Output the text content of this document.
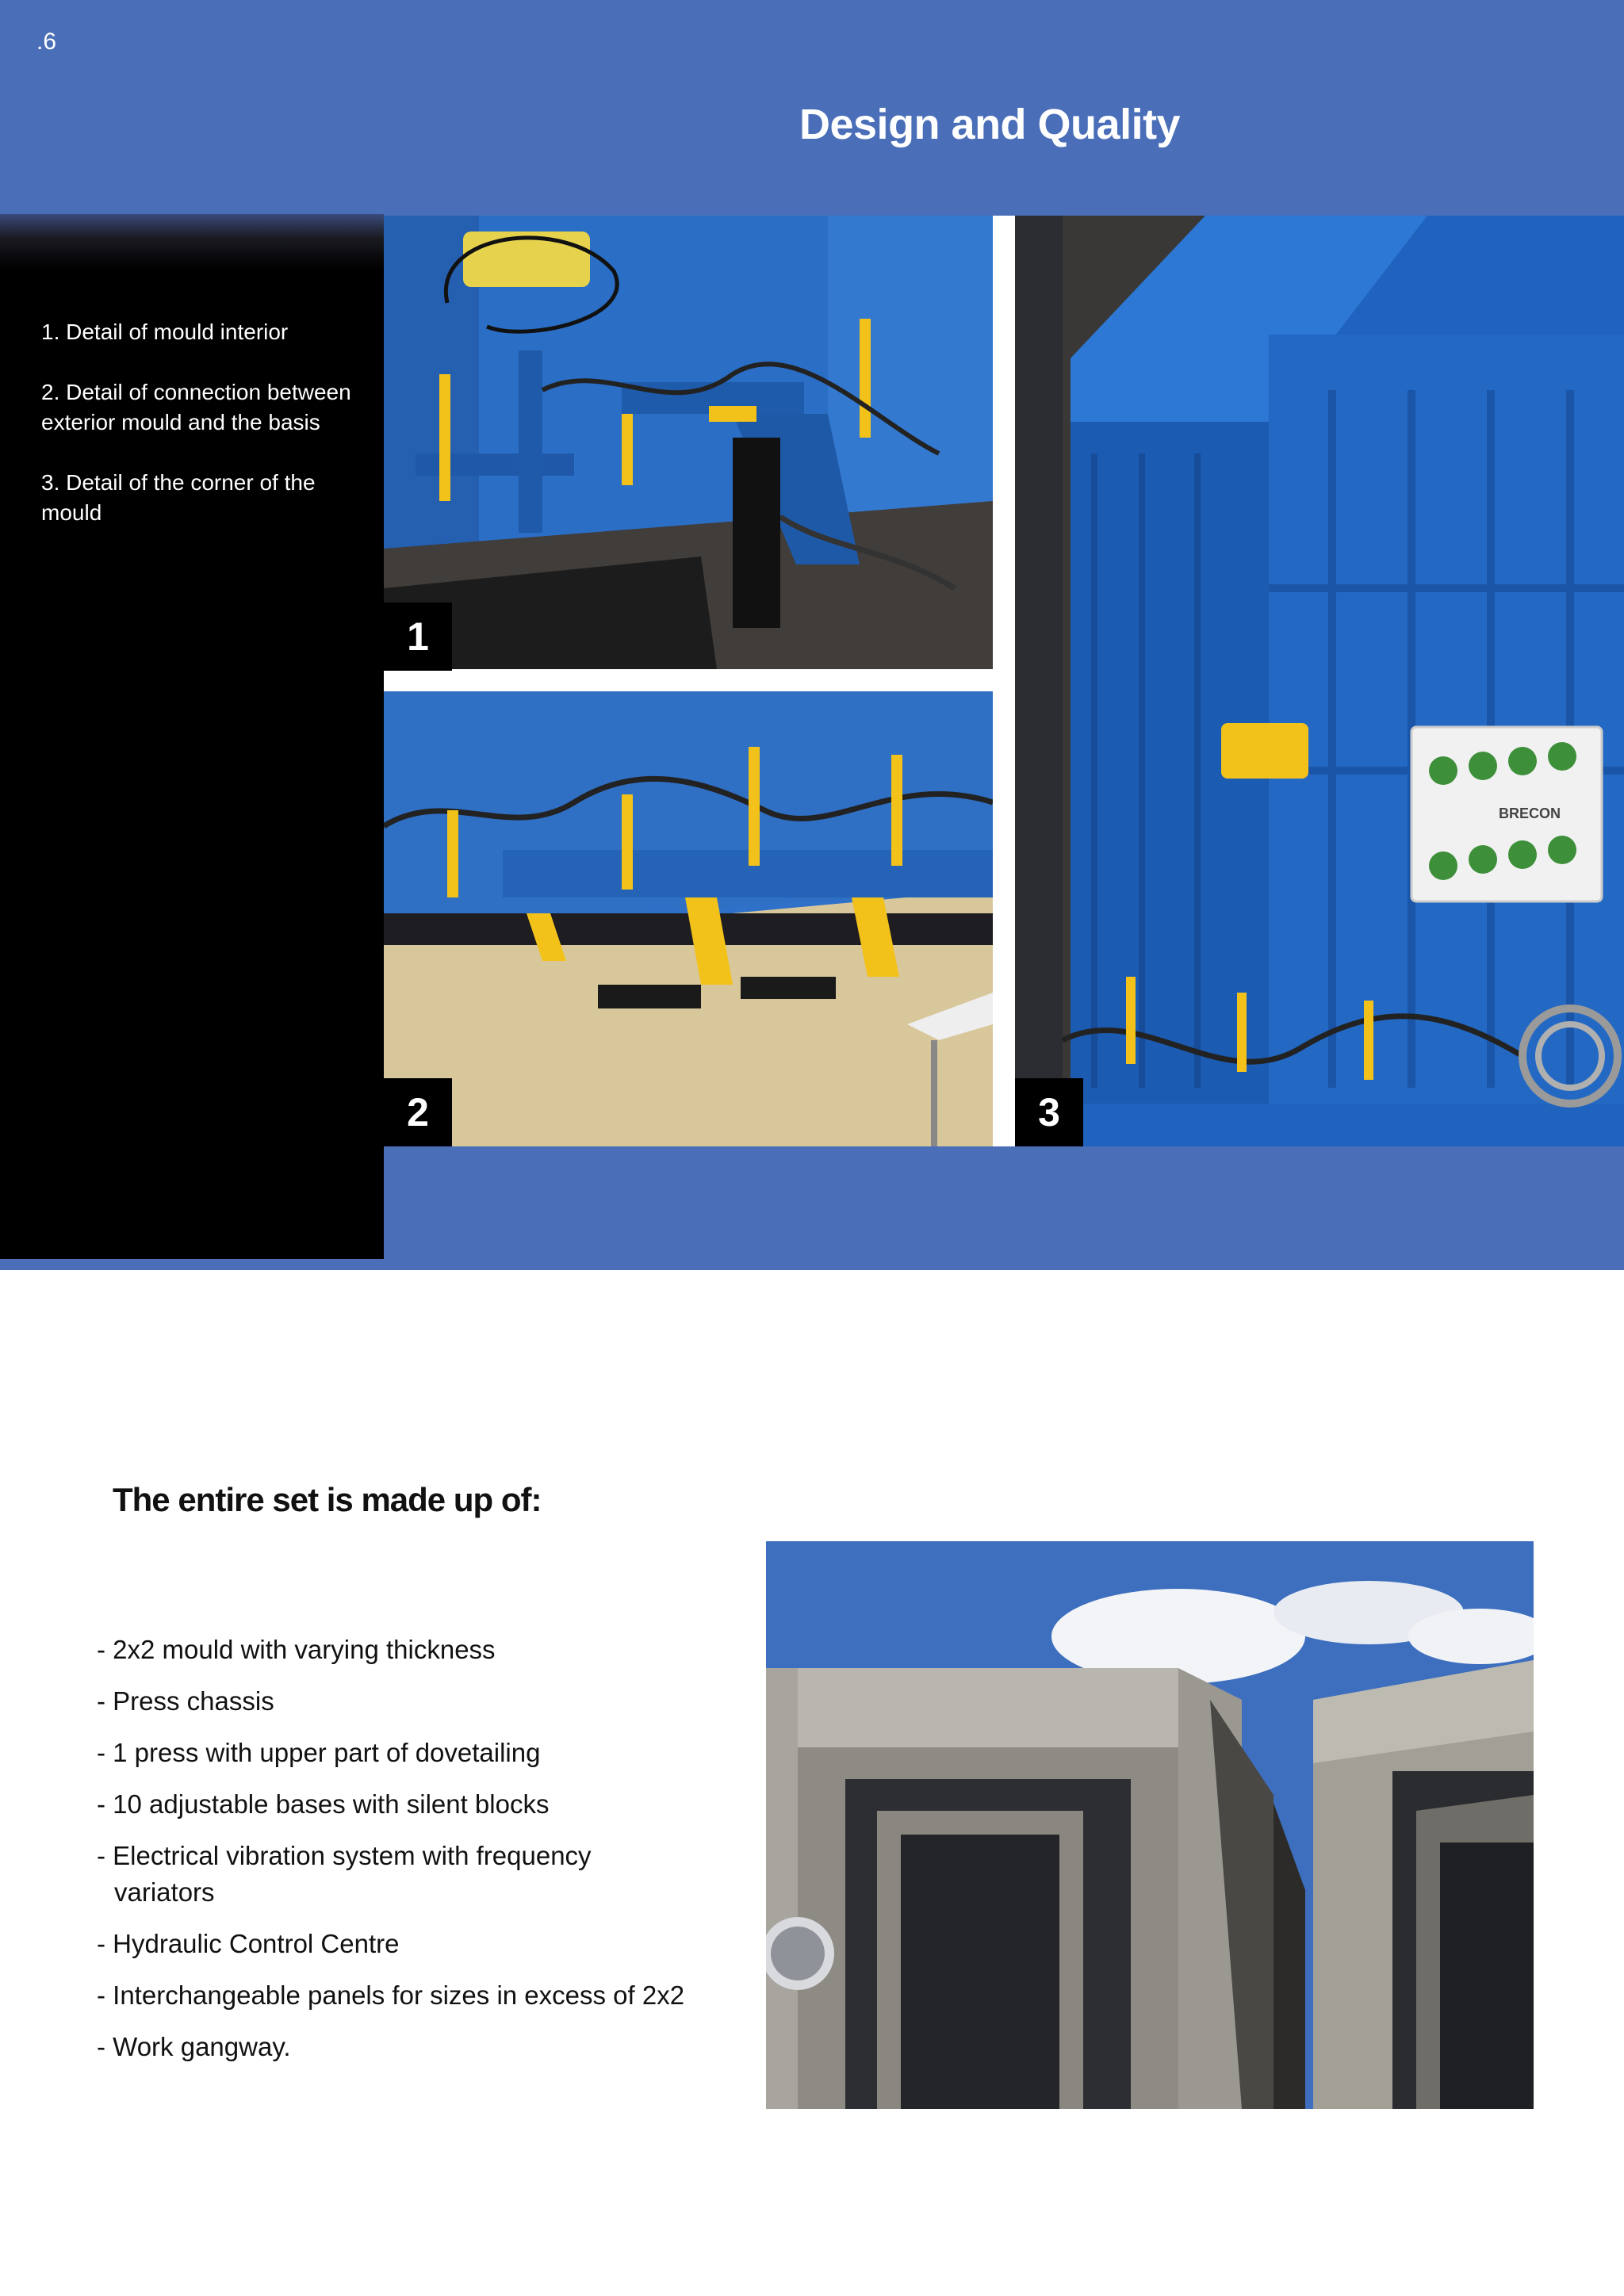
.6
Design and Quality

1. Detail of mould interior

2. Detail of connection between exterior mould and the basis

3. Detail of the corner of the mould

BRECON
1
2	3
The entire set is made up of:
- 2x2 mould with varying thickness
- Press chassis
- 1 press with upper part of dovetailing
- 10 adjustable bases with silent blocks
- Electrical vibration system with frequency variators
- Hydraulic Control Centre
- Interchangeable panels for sizes in excess of 2x2
- Work gangway.
